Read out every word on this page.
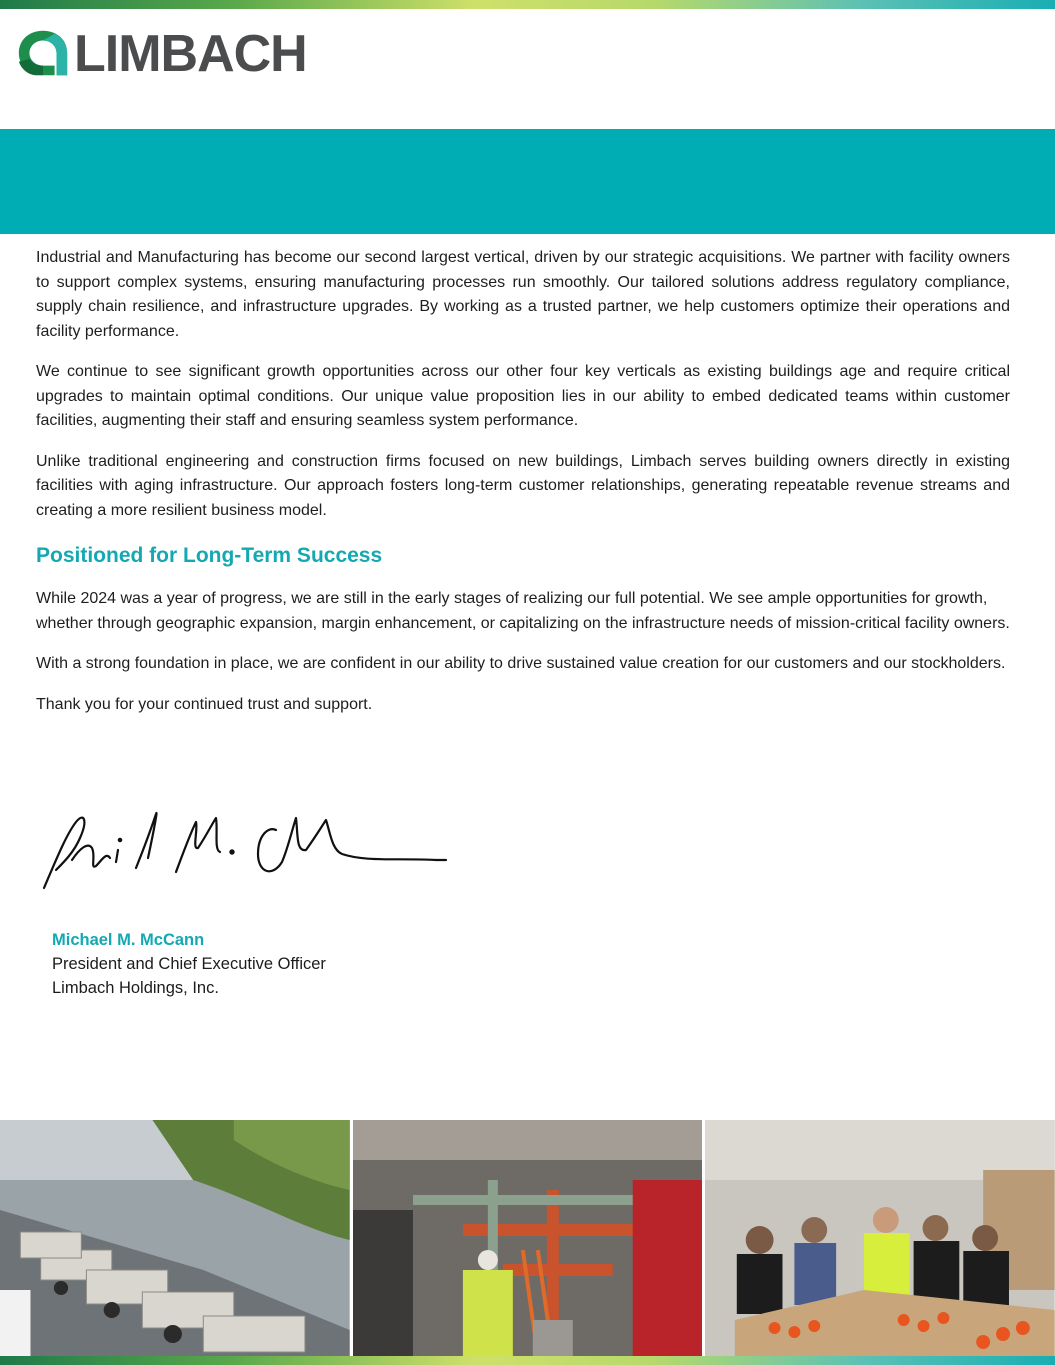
LIMBACH

Industrial and Manufacturing has become our second largest vertical, driven by our strategic acquisitions. We partner with facility owners to support complex systems, ensuring manufacturing processes run smoothly. Our tailored solutions address regulatory compliance, supply chain resilience, and infrastructure upgrades. By working as a trusted partner, we help customers optimize their operations and facility performance.

We continue to see significant growth opportunities across our other four key verticals as existing buildings age and require critical upgrades to maintain optimal conditions. Our unique value proposition lies in our ability to embed dedicated teams within customer facilities, augmenting their staff and ensuring seamless system performance.

Unlike traditional engineering and construction firms focused on new buildings, Limbach serves building owners directly in existing facilities with aging infrastructure. Our approach fosters long-term customer relationships, generating repeatable revenue streams and creating a more resilient business model.

Positioned for Long-Term Success

While 2024 was a year of progress, we are still in the early stages of realizing our full potential. We see ample opportunities for growth, whether through geographic expansion, margin enhancement, or capitalizing on the infrastructure needs of mission-critical facility owners.

With a strong foundation in place, we are confident in our ability to drive sustained value creation for our customers and our stockholders.

Thank you for your continued trust and support.

Michael M. McCann
President and Chief Executive Officer
Limbach Holdings, Inc.
